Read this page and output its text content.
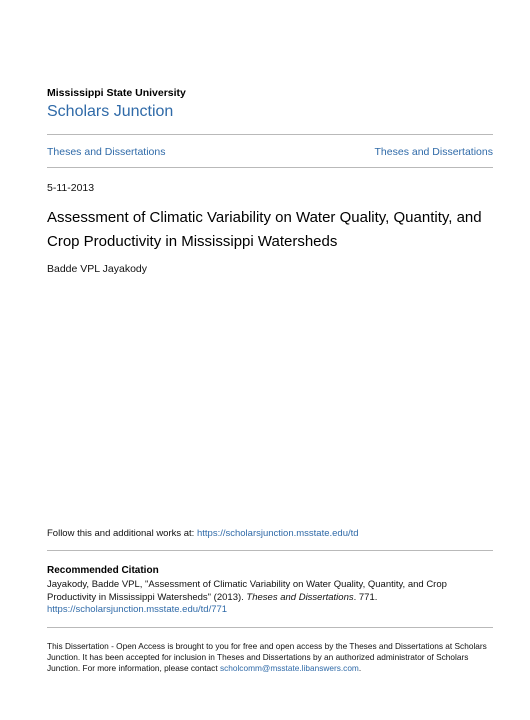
Mississippi State University
Scholars Junction
Theses and Dissertations	Theses and Dissertations
5-11-2013
Assessment of Climatic Variability on Water Quality, Quantity, and Crop Productivity in Mississippi Watersheds
Badde VPL Jayakody
Follow this and additional works at: https://scholarsjunction.msstate.edu/td
Recommended Citation
Jayakody, Badde VPL, "Assessment of Climatic Variability on Water Quality, Quantity, and Crop Productivity in Mississippi Watersheds" (2013). Theses and Dissertations. 771.
https://scholarsjunction.msstate.edu/td/771
This Dissertation - Open Access is brought to you for free and open access by the Theses and Dissertations at Scholars Junction. It has been accepted for inclusion in Theses and Dissertations by an authorized administrator of Scholars Junction. For more information, please contact scholcomm@msstate.libanswers.com.
